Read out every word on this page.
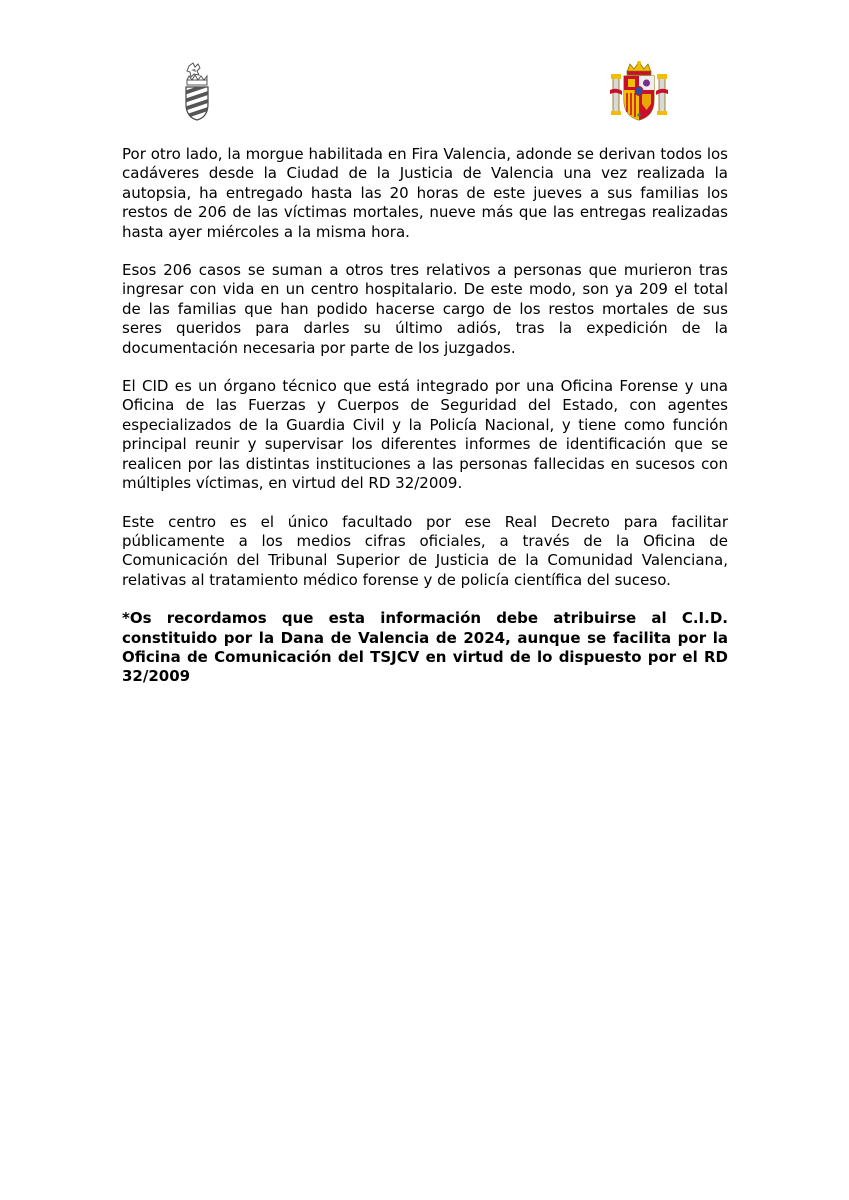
Por otro lado, la morgue habilitada en Fira Valencia, adonde se derivan todos los cadáveres desde la Ciudad de la Justicia de Valencia una vez realizada la autopsia, ha entregado hasta las 20 horas de este jueves a sus familias los restos de 206 de las víctimas mortales, nueve más que las entregas realizadas hasta ayer miércoles a la misma hora.

Esos 206 casos se suman a otros tres relativos a personas que murieron tras ingresar con vida en un centro hospitalario. De este modo, son ya 209 el total de las familias que han podido hacerse cargo de los restos mortales de sus seres queridos para darles su último adiós, tras la expedición de la documentación necesaria por parte de los juzgados.

El CID es un órgano técnico que está integrado por una Oficina Forense y una Oficina de las Fuerzas y Cuerpos de Seguridad del Estado, con agentes especializados de la Guardia Civil y la Policía Nacional, y tiene como función principal reunir y supervisar los diferentes informes de identificación que se realicen por las distintas instituciones a las personas fallecidas en sucesos con múltiples víctimas, en virtud del RD 32/2009.

Este centro es el único facultado por ese Real Decreto para facilitar públicamente a los medios cifras oficiales, a través de la Oficina de Comunicación del Tribunal Superior de Justicia de la Comunidad Valenciana, relativas al tratamiento médico forense y de policía científica del suceso.

*Os recordamos que esta información debe atribuirse al C.I.D. constituido por la Dana de Valencia de 2024, aunque se facilita por la Oficina de Comunicación del TSJCV en virtud de lo dispuesto por el RD 32/2009
